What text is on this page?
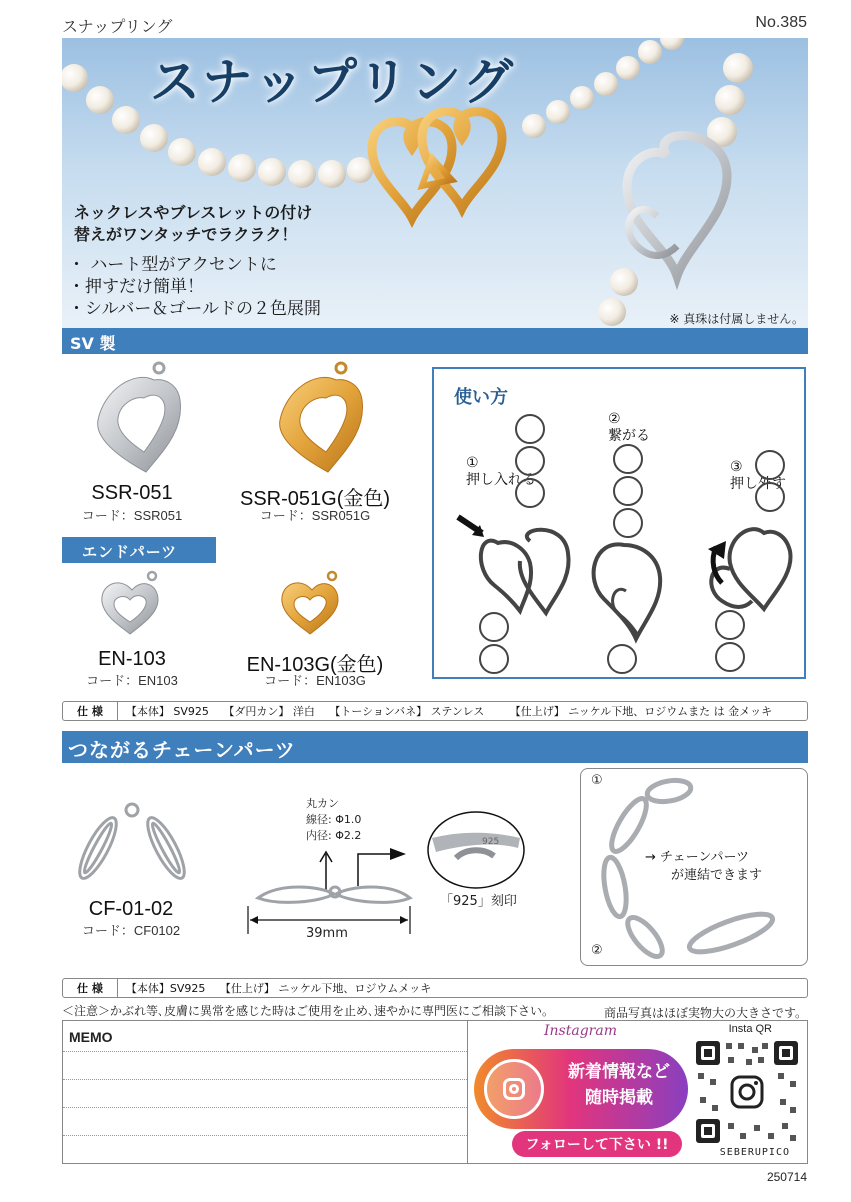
スナップリング	No.385
スナップリング
ネックレスやブレスレットの付け
替えがワンタッチでラクラク！
・ ハート型がアクセントに
・押すだけ簡単！
・シルバー＆ゴールドの２色展開	※ 真珠は付属しません。
SV 製
SSR-051
コード：SSR051
SSR-051G(金色)
コード：SSR051G
エンドパーツ
EN-103
コード：EN103
EN-103G(金色)
コード：EN103G
使い方
①
押し入れる
②
繋がる
③
押し外す
仕 様	【本体】 SV925　 【ダ円カン】 洋白　 【トーションバネ】 ステンレス　　 【仕上げ】 ニッケル下地、ロジウムまた は 金メッキ
つながるチェーンパーツ
CF-01-02
コード：CF0102
丸カン
線径: Φ1.0
内径: Φ2.2
39mm
925
「925」刻印
①
②
→ チェーンパーツ
が連結できます
仕 様	【本体】SV925　 【仕上げ】 ニッケル下地、ロジウムメッキ
＜注意＞かぶれ等､皮膚に異常を感じた時はご使用を止め､速やかに専門医にご相談下さい。	商品写真はほぼ実物大の大きさです。
MEMO	Instagram
新着情報など
随時掲載
フォローして下さい !!
Insta QR
SEBERUPICO
250714
